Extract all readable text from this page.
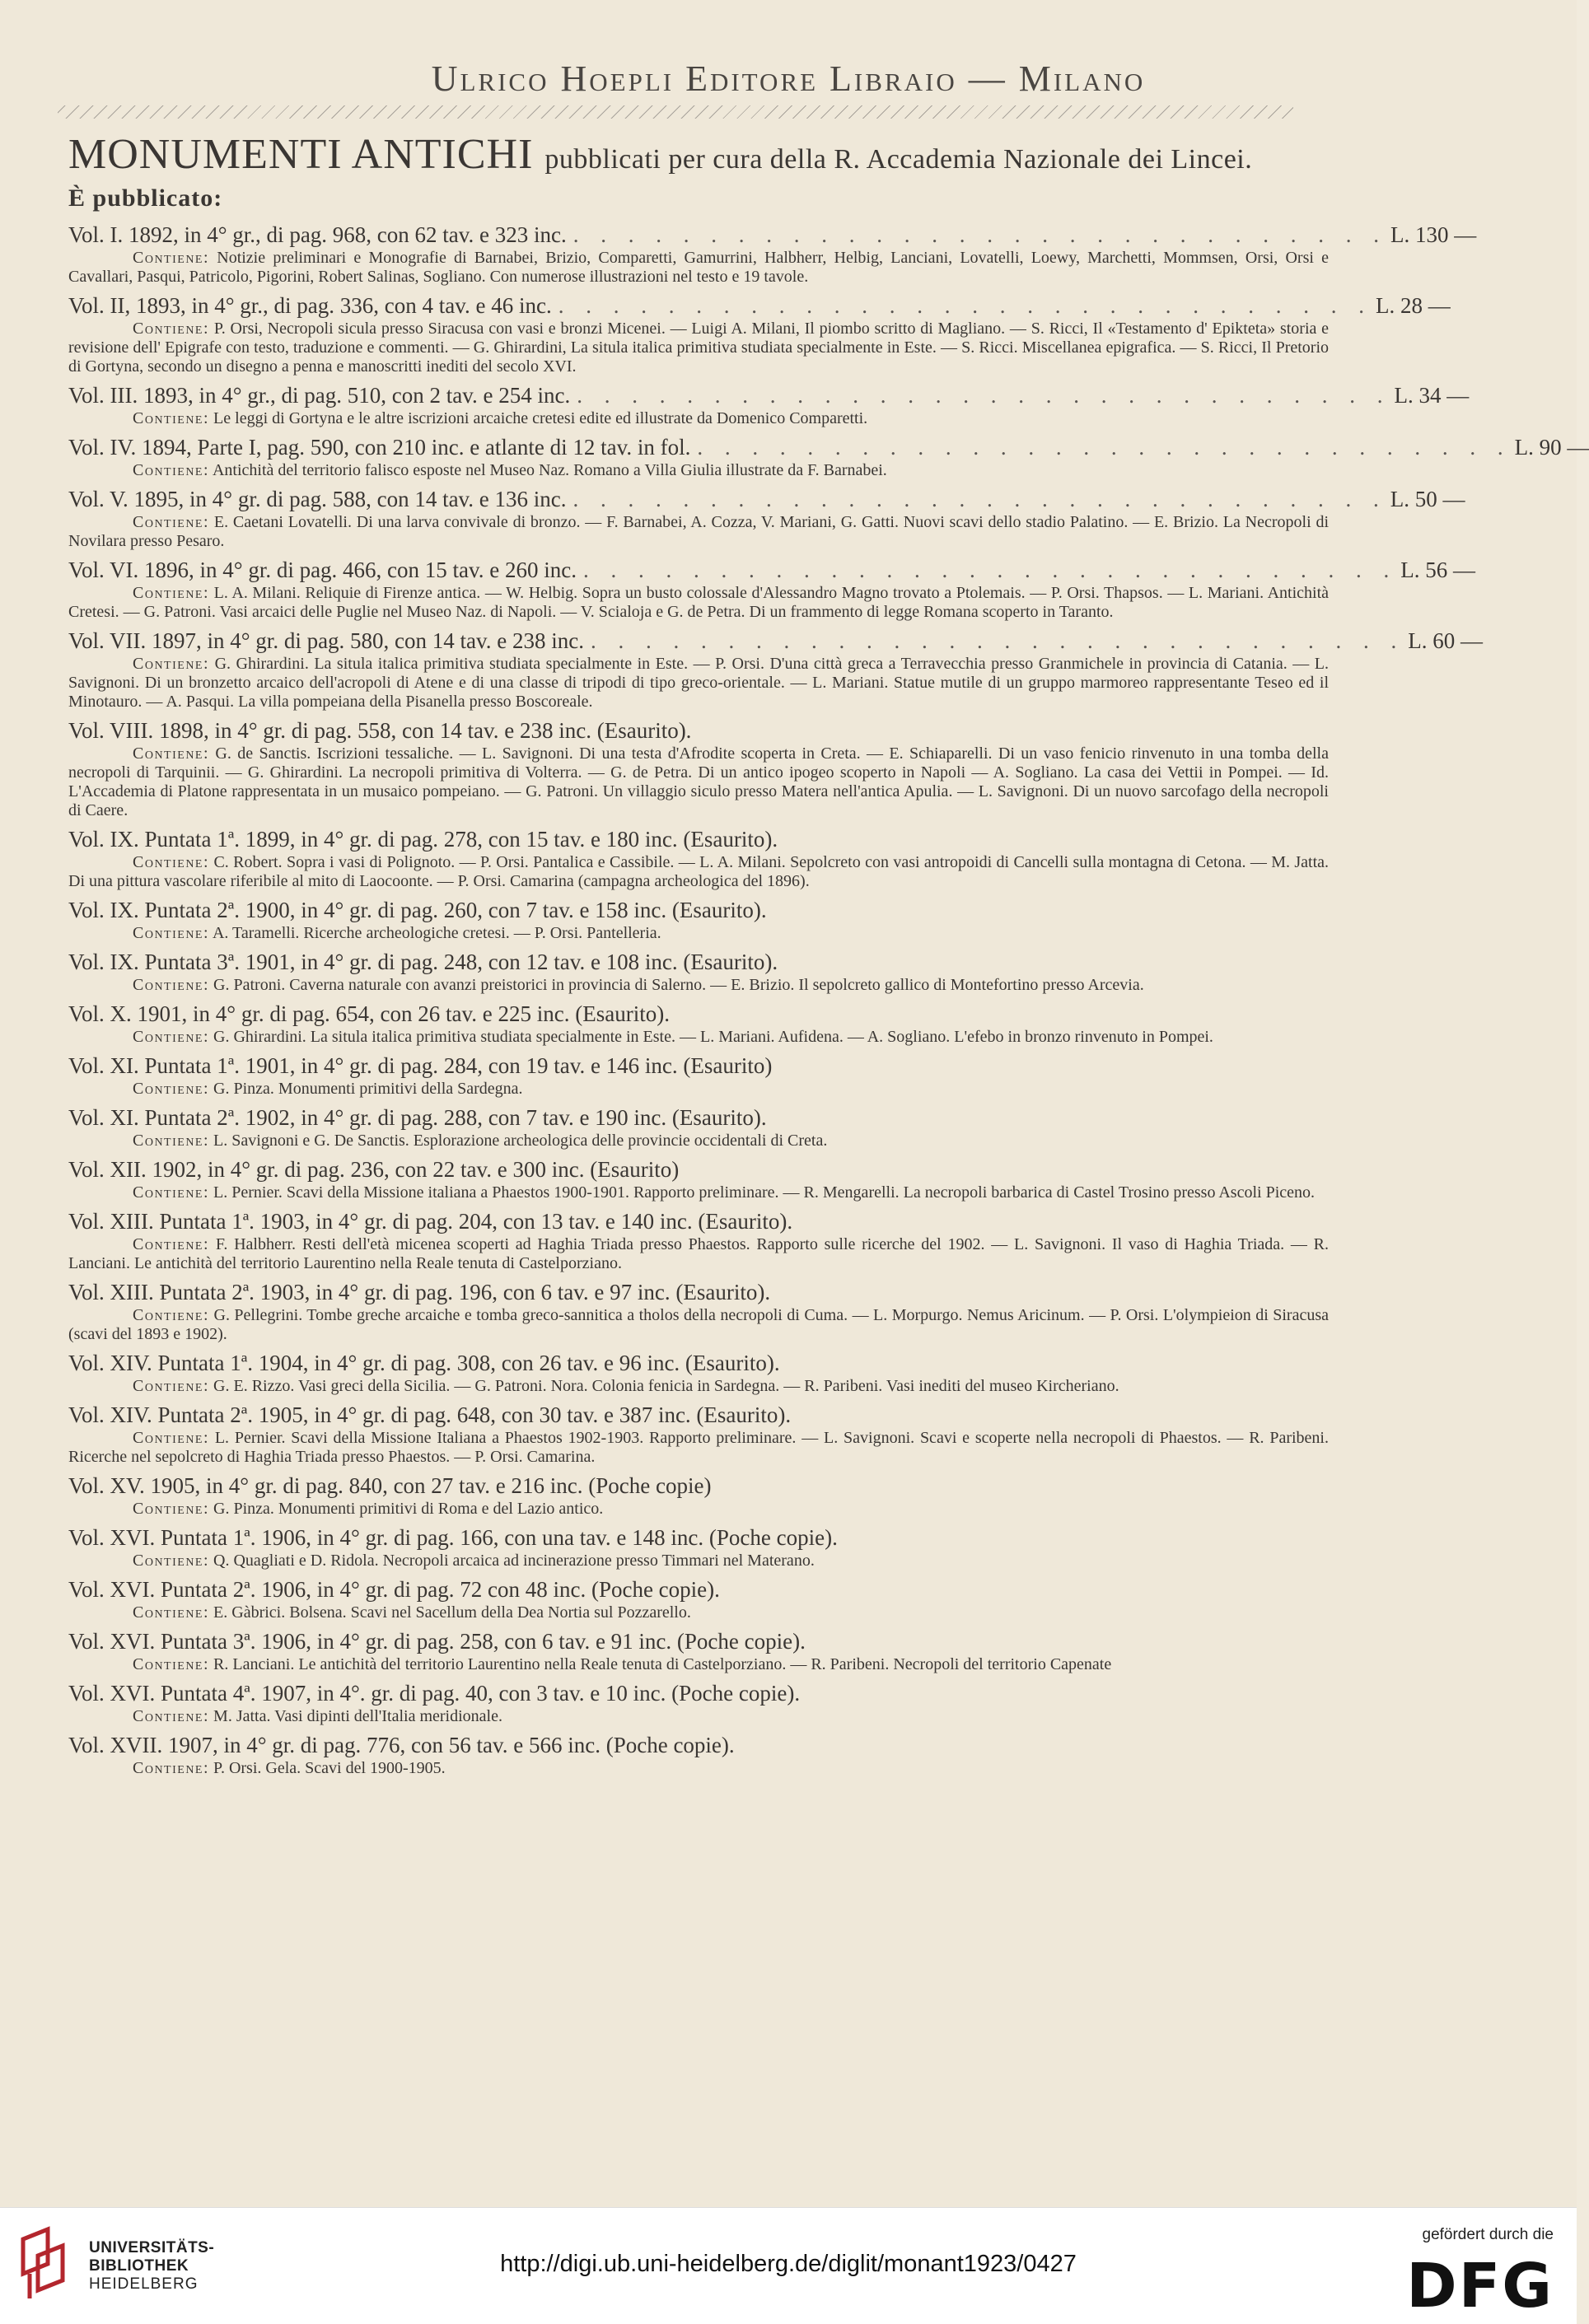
Ulrico Hoepli Editore Libraio — Milano
MONUMENTI ANTICHI pubblicati per cura della R. Accademia Nazionale dei Lincei.
È pubblicato:
Vol. I. 1892, in 4° gr., di pag. 968, con 62 tav. e 323 inc. . . . . . . . . . . . . . . . . . . . . . . . . . . . . . . L. 130 —
Contiene: Notizie preliminari e Monografie di Barnabei, Brizio, Comparetti, Gamurrini, Halbherr, Helbig, Lanciani, Lovatelli, Loewy, Marchetti, Mommsen, Orsi, Orsi e Cavallari, Pasqui, Patricolo, Pigorini, Robert Salinas, Sogliano. Con numerose illustrazioni nel testo e 19 tavole.
Vol. II, 1893, in 4° gr., di pag. 336, con 4 tav. e 46 inc. . . . . . . . . . . . . . . . . . . . . . . . . . . . . . . L. 28 —
Contiene: P. Orsi, Necropoli sicula presso Siracusa con vasi e bronzi Micenei. — Luigi A. Milani, Il piombo scritto di Magliano. — S. Ricci, Il «Testamento d' Epikteta» storia e revisione dell' Epigrafe con testo, traduzione e commenti. — G. Ghirardini, La situla italica primitiva studiata specialmente in Este. — S. Ricci. Miscellanea epigrafica. — S. Ricci, Il Pretorio di Gortyna, secondo un disegno a penna e manoscritti inediti del secolo XVI.
Vol. III. 1893, in 4° gr., di pag. 510, con 2 tav. e 254 inc. . . . . . . . . . . . . . . . . . . . . . . . . . . . . . . L. 34 —
Contiene: Le leggi di Gortyna e le altre iscrizioni arcaiche cretesi edite ed illustrate da Domenico Comparetti.
Vol. IV. 1894, Parte I, pag. 590, con 210 inc. e atlante di 12 tav. in fol. . . . . . . . . . . . . . . . . . . . . . . . . . . . . . . L. 90 —
Contiene: Antichità del territorio falisco esposte nel Museo Naz. Romano a Villa Giulia illustrate da F. Barnabei.
Vol. V. 1895, in 4° gr. di pag. 588, con 14 tav. e 136 inc. . . . . . . . . . . . . . . . . . . . . . . . . . . . . . . L. 50 —
Contiene: E. Caetani Lovatelli. Di una larva convivale di bronzo. — F. Barnabei, A. Cozza, V. Mariani, G. Gatti. Nuovi scavi dello stadio Palatino. — E. Brizio. La Necropoli di Novilara presso Pesaro.
Vol. VI. 1896, in 4° gr. di pag. 466, con 15 tav. e 260 inc. . . . . . . . . . . . . . . . . . . . . . . . . . . . . . . L. 56 —
Contiene: L. A. Milani. Reliquie di Firenze antica. — W. Helbig. Sopra un busto colossale d'Alessandro Magno trovato a Ptolemais. — P. Orsi. Thapsos. — L. Mariani. Antichità Cretesi. — G. Patroni. Vasi arcaici delle Puglie nel Museo Naz. di Napoli. — V. Scialoja e G. de Petra. Di un frammento di legge Romana scoperto in Taranto.
Vol. VII. 1897, in 4° gr. di pag. 580, con 14 tav. e 238 inc. . . . . . . . . . . . . . . . . . . . . . . . . . . . . . . L. 60 —
Contiene: G. Ghirardini. La situla italica primitiva studiata specialmente in Este. — P. Orsi. D'una città greca a Terravecchia presso Granmichele in provincia di Catania. — L. Savignoni. Di un bronzetto arcaico dell'acropoli di Atene e di una classe di tripodi di tipo greco-orientale. — L. Mariani. Statue mutile di un gruppo marmoreo rappresentante Teseo ed il Minotauro. — A. Pasqui. La villa pompeiana della Pisanella presso Boscoreale.
Vol. VIII. 1898, in 4° gr. di pag. 558, con 14 tav. e 238 inc. (Esaurito).
Contiene: G. de Sanctis. Iscrizioni tessaliche. — L. Savignoni. Di una testa d'Afrodite scoperta in Creta. — E. Schiaparelli. Di un vaso fenicio rinvenuto in una tomba della necropoli di Tarquinii. — G. Ghirardini. La necropoli primitiva di Volterra. — G. de Petra. Di un antico ipogeo scoperto in Napoli — A. Sogliano. La casa dei Vettii in Pompei. — Id. L'Accademia di Platone rappresentata in un musaico pompeiano. — G. Patroni. Un villaggio siculo presso Matera nell'antica Apulia. — L. Savignoni. Di un nuovo sarcofago della necropoli di Caere.
Vol. IX. Puntata 1ª. 1899, in 4° gr. di pag. 278, con 15 tav. e 180 inc. (Esaurito).
Contiene: C. Robert. Sopra i vasi di Polignoto. — P. Orsi. Pantalica e Cassibile. — L. A. Milani. Sepolcreto con vasi antropoidi di Cancelli sulla montagna di Cetona. — M. Jatta. Di una pittura vascolare riferibile al mito di Laocoonte. — P. Orsi. Camarina (campagna archeologica del 1896).
Vol. IX. Puntata 2ª. 1900, in 4° gr. di pag. 260, con 7 tav. e 158 inc. (Esaurito).
Contiene: A. Taramelli. Ricerche archeologiche cretesi. — P. Orsi. Pantelleria.
Vol. IX. Puntata 3ª. 1901, in 4° gr. di pag. 248, con 12 tav. e 108 inc. (Esaurito).
Contiene: G. Patroni. Caverna naturale con avanzi preistorici in provincia di Salerno. — E. Brizio. Il sepolcreto gallico di Montefortino presso Arcevia.
Vol. X. 1901, in 4° gr. di pag. 654, con 26 tav. e 225 inc. (Esaurito).
Contiene: G. Ghirardini. La situla italica primitiva studiata specialmente in Este. — L. Mariani. Aufidena. — A. Sogliano. L'efebo in bronzo rinvenuto in Pompei.
Vol. XI. Puntata 1ª. 1901, in 4° gr. di pag. 284, con 19 tav. e 146 inc. (Esaurito)
Contiene: G. Pinza. Monumenti primitivi della Sardegna.
Vol. XI. Puntata 2ª. 1902, in 4° gr. di pag. 288, con 7 tav. e 190 inc. (Esaurito).
Contiene: L. Savignoni e G. De Sanctis. Esplorazione archeologica delle provincie occidentali di Creta.
Vol. XII. 1902, in 4° gr. di pag. 236, con 22 tav. e 300 inc. (Esaurito)
Contiene: L. Pernier. Scavi della Missione italiana a Phaestos 1900-1901. Rapporto preliminare. — R. Mengarelli. La necropoli barbarica di Castel Trosino presso Ascoli Piceno.
Vol. XIII. Puntata 1ª. 1903, in 4° gr. di pag. 204, con 13 tav. e 140 inc. (Esaurito).
Contiene: F. Halbherr. Resti dell'età micenea scoperti ad Haghia Triada presso Phaestos. Rapporto sulle ricerche del 1902. — L. Savignoni. Il vaso di Haghia Triada. — R. Lanciani. Le antichità del territorio Laurentino nella Reale tenuta di Castelporziano.
Vol. XIII. Puntata 2ª. 1903, in 4° gr. di pag. 196, con 6 tav. e 97 inc. (Esaurito).
Contiene: G. Pellegrini. Tombe greche arcaiche e tomba greco-sannitica a tholos della necropoli di Cuma. — L. Morpurgo. Nemus Aricinum. — P. Orsi. L'olympieion di Siracusa (scavi del 1893 e 1902).
Vol. XIV. Puntata 1ª. 1904, in 4° gr. di pag. 308, con 26 tav. e 96 inc. (Esaurito).
Contiene: G. E. Rizzo. Vasi greci della Sicilia. — G. Patroni. Nora. Colonia fenicia in Sardegna. — R. Paribeni. Vasi inediti del museo Kircheriano.
Vol. XIV. Puntata 2ª. 1905, in 4° gr. di pag. 648, con 30 tav. e 387 inc. (Esaurito).
Contiene: L. Pernier. Scavi della Missione Italiana a Phaestos 1902-1903. Rapporto preliminare. — L. Savignoni. Scavi e scoperte nella necropoli di Phaestos. — R. Paribeni. Ricerche nel sepolcreto di Haghia Triada presso Phaestos. — P. Orsi. Camarina.
Vol. XV. 1905, in 4° gr. di pag. 840, con 27 tav. e 216 inc. (Poche copie)
Contiene: G. Pinza. Monumenti primitivi di Roma e del Lazio antico.
Vol. XVI. Puntata 1ª. 1906, in 4° gr. di pag. 166, con una tav. e 148 inc. (Poche copie).
Contiene: Q. Quagliati e D. Ridola. Necropoli arcaica ad incinerazione presso Timmari nel Materano.
Vol. XVI. Puntata 2ª. 1906, in 4° gr. di pag. 72 con 48 inc. (Poche copie).
Contiene: E. Gàbrici. Bolsena. Scavi nel Sacellum della Dea Nortia sul Pozzarello.
Vol. XVI. Puntata 3ª. 1906, in 4° gr. di pag. 258, con 6 tav. e 91 inc. (Poche copie).
Contiene: R. Lanciani. Le antichità del territorio Laurentino nella Reale tenuta di Castelporziano. — R. Paribeni. Necropoli del territorio Capenate
Vol. XVI. Puntata 4ª. 1907, in 4°. gr. di pag. 40, con 3 tav. e 10 inc. (Poche copie).
Contiene: M. Jatta. Vasi dipinti dell'Italia meridionale.
Vol. XVII. 1907, in 4° gr. di pag. 776, con 56 tav. e 566 inc. (Poche copie).
Contiene: P. Orsi. Gela. Scavi del 1900-1905.
UNIVERSITÄTS-
BIBLIOTHEK
HEIDELBERG
http://digi.ub.uni-heidelberg.de/diglit/monant1923/0427
gefördert durch die
DFG
